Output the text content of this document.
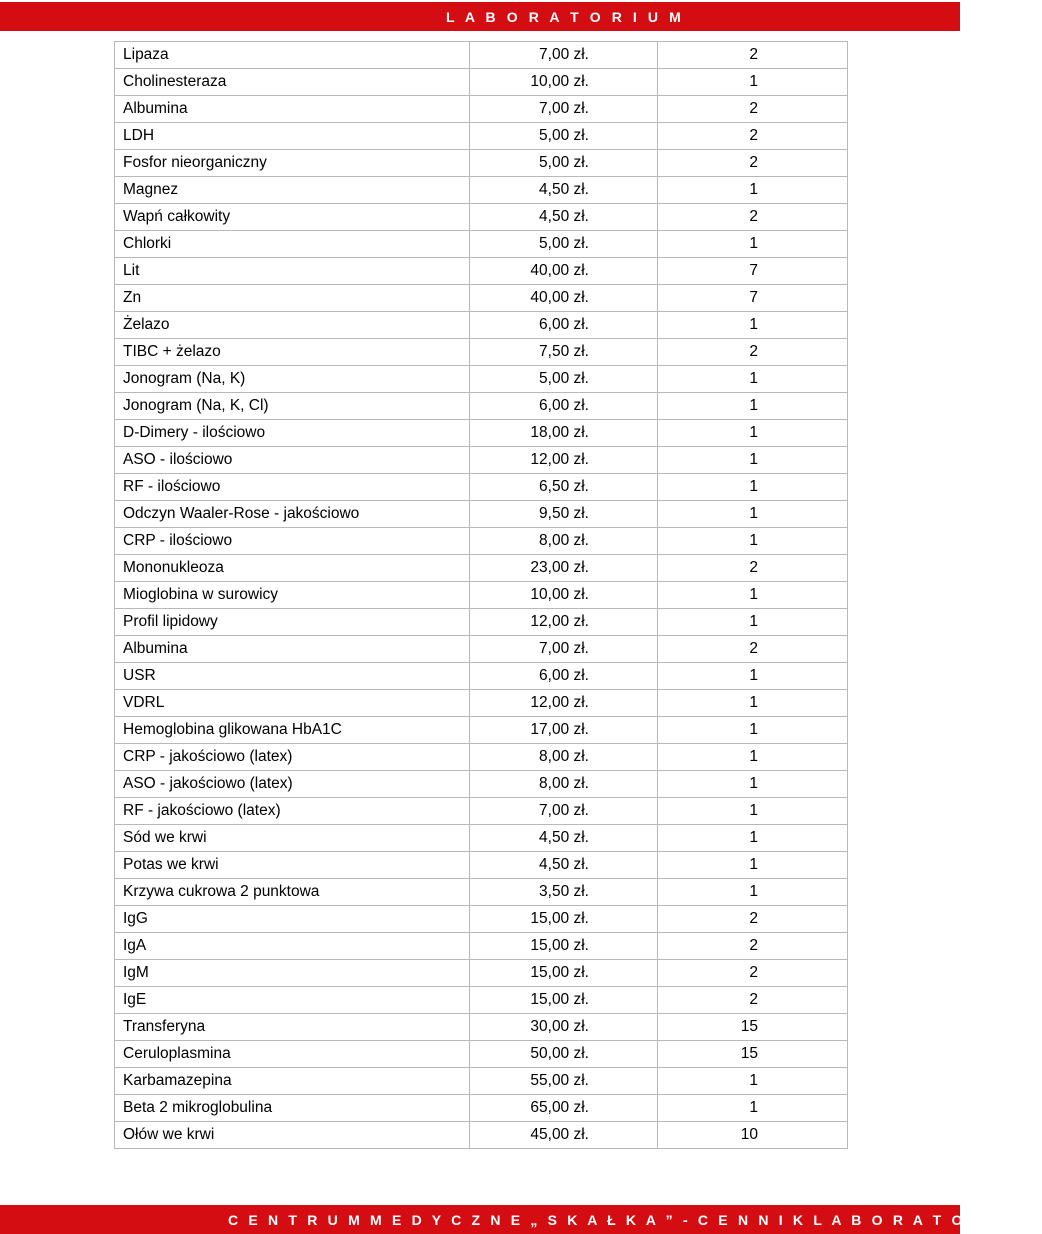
L A B O R A T O R I U M
Lipaza	7,00 zł.	2
Cholinesteraza	10,00 zł.	1
Albumina	7,00 zł.	2
LDH	5,00 zł.	2
Fosfor nieorganiczny	5,00 zł.	2
Magnez	4,50 zł.	1
Wapń całkowity	4,50 zł.	2
Chlorki	5,00 zł.	1
Lit	40,00 zł.	7
Zn	40,00 zł.	7
Żelazo	6,00 zł.	1
TIBC + żelazo	7,50 zł.	2
Jonogram (Na, K)	5,00 zł.	1
Jonogram (Na, K, Cl)	6,00 zł.	1
D-Dimery - ilościowo	18,00 zł.	1
ASO - ilościowo	12,00 zł.	1
RF - ilościowo	6,50 zł.	1
Odczyn Waaler-Rose - jakościowo	9,50 zł.	1
CRP - ilościowo	8,00 zł.	1
Mononukleoza	23,00 zł.	2
Mioglobina w surowicy	10,00 zł.	1
Profil lipidowy	12,00 zł.	1
Albumina	7,00 zł.	2
USR	6,00 zł.	1
VDRL	12,00 zł.	1
Hemoglobina glikowana HbA1C	17,00 zł.	1
CRP - jakościowo (latex)	8,00 zł.	1
ASO - jakościowo (latex)	8,00 zł.	1
RF - jakościowo (latex)	7,00 zł.	1
Sód we krwi	4,50 zł.	1
Potas we krwi	4,50 zł.	1
Krzywa cukrowa 2 punktowa	3,50 zł.	1
IgG	15,00 zł.	2
IgA	15,00 zł.	2
IgM	15,00 zł.	2
IgE	15,00 zł.	2
Transferyna	30,00 zł.	15
Ceruloplasmina	50,00 zł.	15
Karbamazepina	55,00 zł.	1
Beta 2 mikroglobulina	65,00 zł.	1
Ołów we krwi	45,00 zł.	10
C E N T R U M M E D Y C Z N E „ S K A Ł K A ” - C E N N I K L A B O R A T O R I U M
